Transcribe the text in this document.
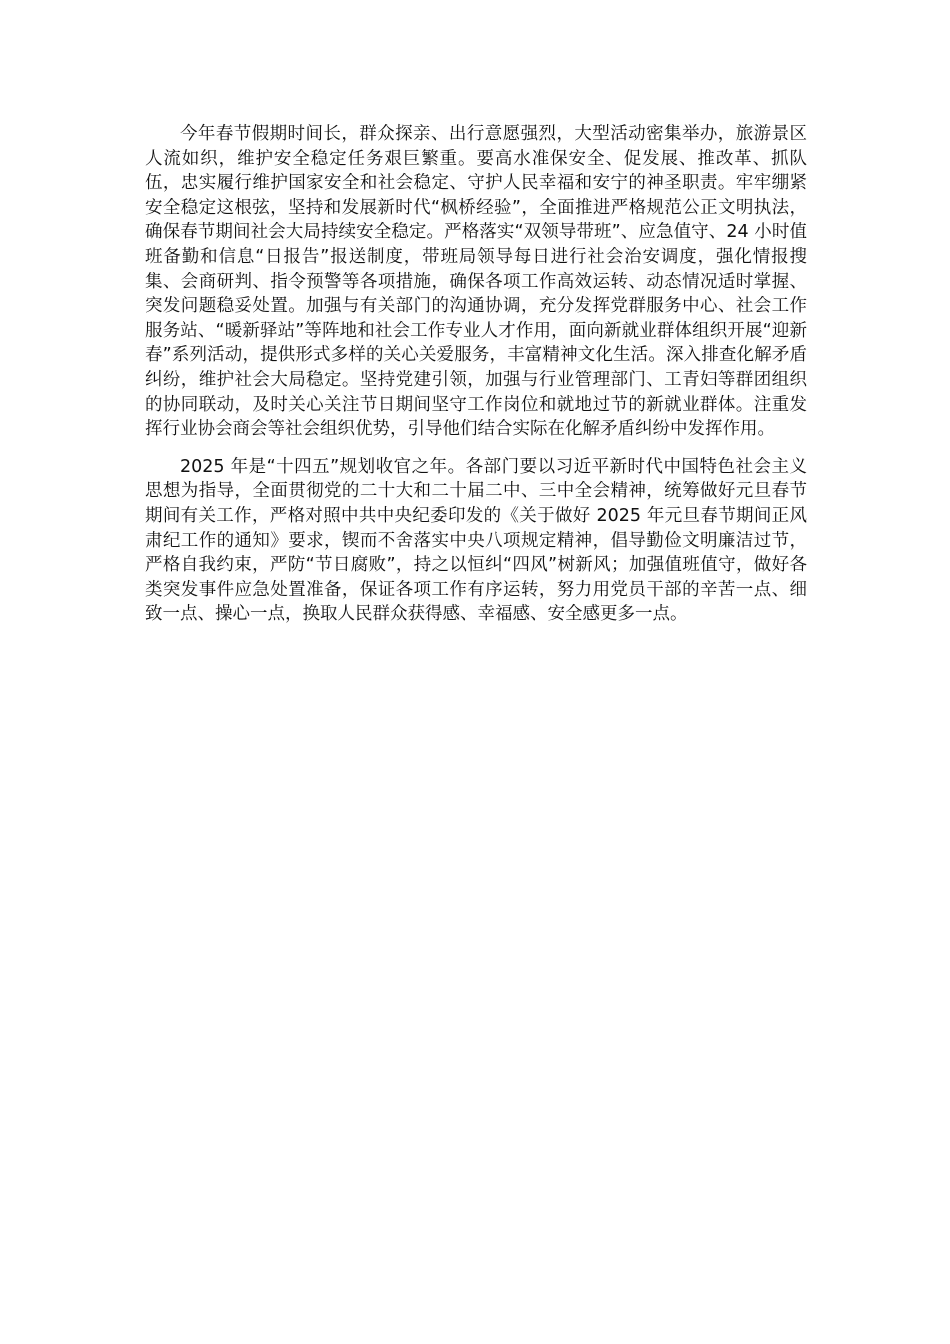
今年春节假期时间长，群众探亲、出行意愿强烈，大型活动密集举办，旅游景区人流如织，维护安全稳定任务艰巨繁重。要高水准保安全、促发展、推改革、抓队伍，忠实履行维护国家安全和社会稳定、守护人民幸福和安宁的神圣职责。牢牢绷紧安全稳定这根弦，坚持和发展新时代“枫桥经验”，全面推进严格规范公正文明执法，确保春节期间社会大局持续安全稳定。严格落实“双领导带班”、应急值守、24 小时值班备勤和信息“日报告”报送制度，带班局领导每日进行社会治安调度，强化情报搜集、会商研判、指令预警等各项措施，确保各项工作高效运转、动态情况适时掌握、突发问题稳妥处置。加强与有关部门的沟通协调，充分发挥党群服务中心、社会工作服务站、“暖新驿站”等阵地和社会工作专业人才作用，面向新就业群体组织开展“迎新春”系列活动，提供形式多样的关心关爱服务，丰富精神文化生活。深入排查化解矛盾纠纷，维护社会大局稳定。坚持党建引领，加强与行业管理部门、工青妇等群团组织的协同联动，及时关心关注节日期间坚守工作岗位和就地过节的新就业群体。注重发挥行业协会商会等社会组织优势，引导他们结合实际在化解矛盾纠纷中发挥作用。

2025 年是“十四五”规划收官之年。各部门要以习近平新时代中国特色社会主义思想为指导，全面贯彻党的二十大和二十届二中、三中全会精神，统筹做好元旦春节期间有关工作，严格对照中共中央纪委印发的《关于做好 2025 年元旦春节期间正风肃纪工作的通知》要求，锲而不舍落实中央八项规定精神，倡导勤俭文明廉洁过节，严格自我约束，严防“节日腐败”，持之以恒纠“四风”树新风；加强值班值守，做好各类突发事件应急处置准备，保证各项工作有序运转，努力用党员干部的辛苦一点、细致一点、操心一点，换取人民群众获得感、幸福感、安全感更多一点。
